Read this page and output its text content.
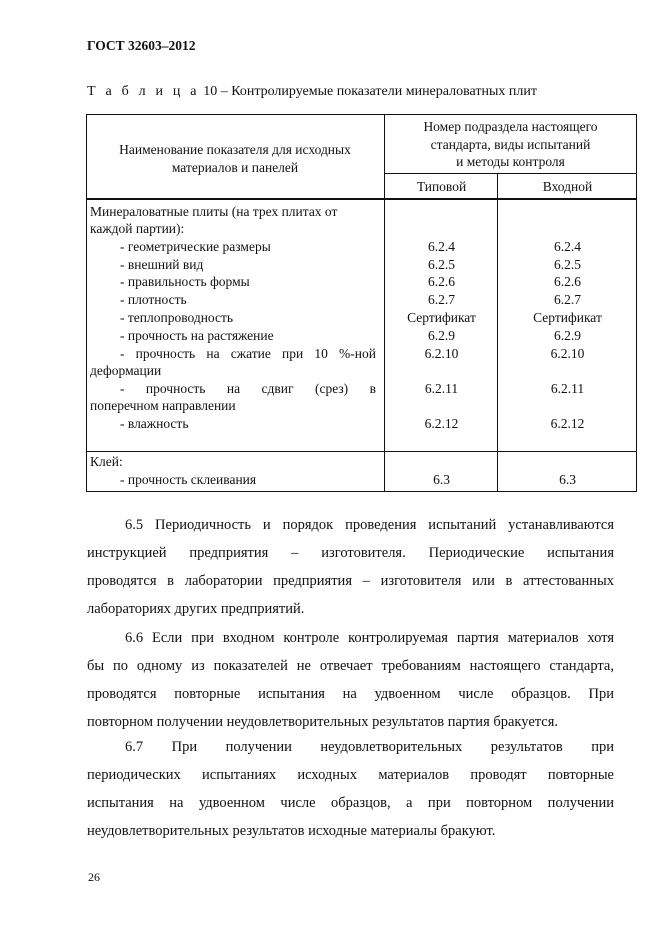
ГОСТ 32603–2012
Т а б л и ц а 10 – Контролируемые показатели минераловатных плит
Наименование показателя для исходных
материалов и панелей
Номер подраздела настоящего
стандарта, виды испытаний
и методы контроля
Типовой	Входной
Минераловатные плиты (на трех плитах от
каждой партии):
- геометрические размеры	6.2.4	6.2.4
- внешний вид	6.2.5	6.2.5
- правильность формы	6.2.6	6.2.6
- плотность	6.2.7	6.2.7
- теплопроводность	Сертификат	Сертификат
- прочность на растяжение	6.2.9	6.2.9
- прочность на сжатие при 10 %-ной
деформации
6.2.10	6.2.10
- прочность на сдвиг (срез) в
поперечном направлении
6.2.11	6.2.11
- влажность	6.2.12	6.2.12
Клей:
- прочность склеивания	6.3	6.3
6.5 Периодичность и порядок проведения испытаний устанавливаются
инструкцией предприятия – изготовителя. Периодические испытания
проводятся в лаборатории предприятия – изготовителя или в аттестованных
лабораториях других предприятий.
6.6 Если при входном контроле контролируемая партия материалов хотя
бы по одному из показателей не отвечает требованиям настоящего стандарта,
проводятся повторные испытания на удвоенном числе образцов. При
повторном получении неудовлетворительных результатов партия бракуется.
6.7 При получении неудовлетворительных результатов при
периодических испытаниях исходных материалов проводят повторные
испытания на удвоенном числе образцов, а при повторном получении
неудовлетворительных результатов исходные материалы бракуют.
26
